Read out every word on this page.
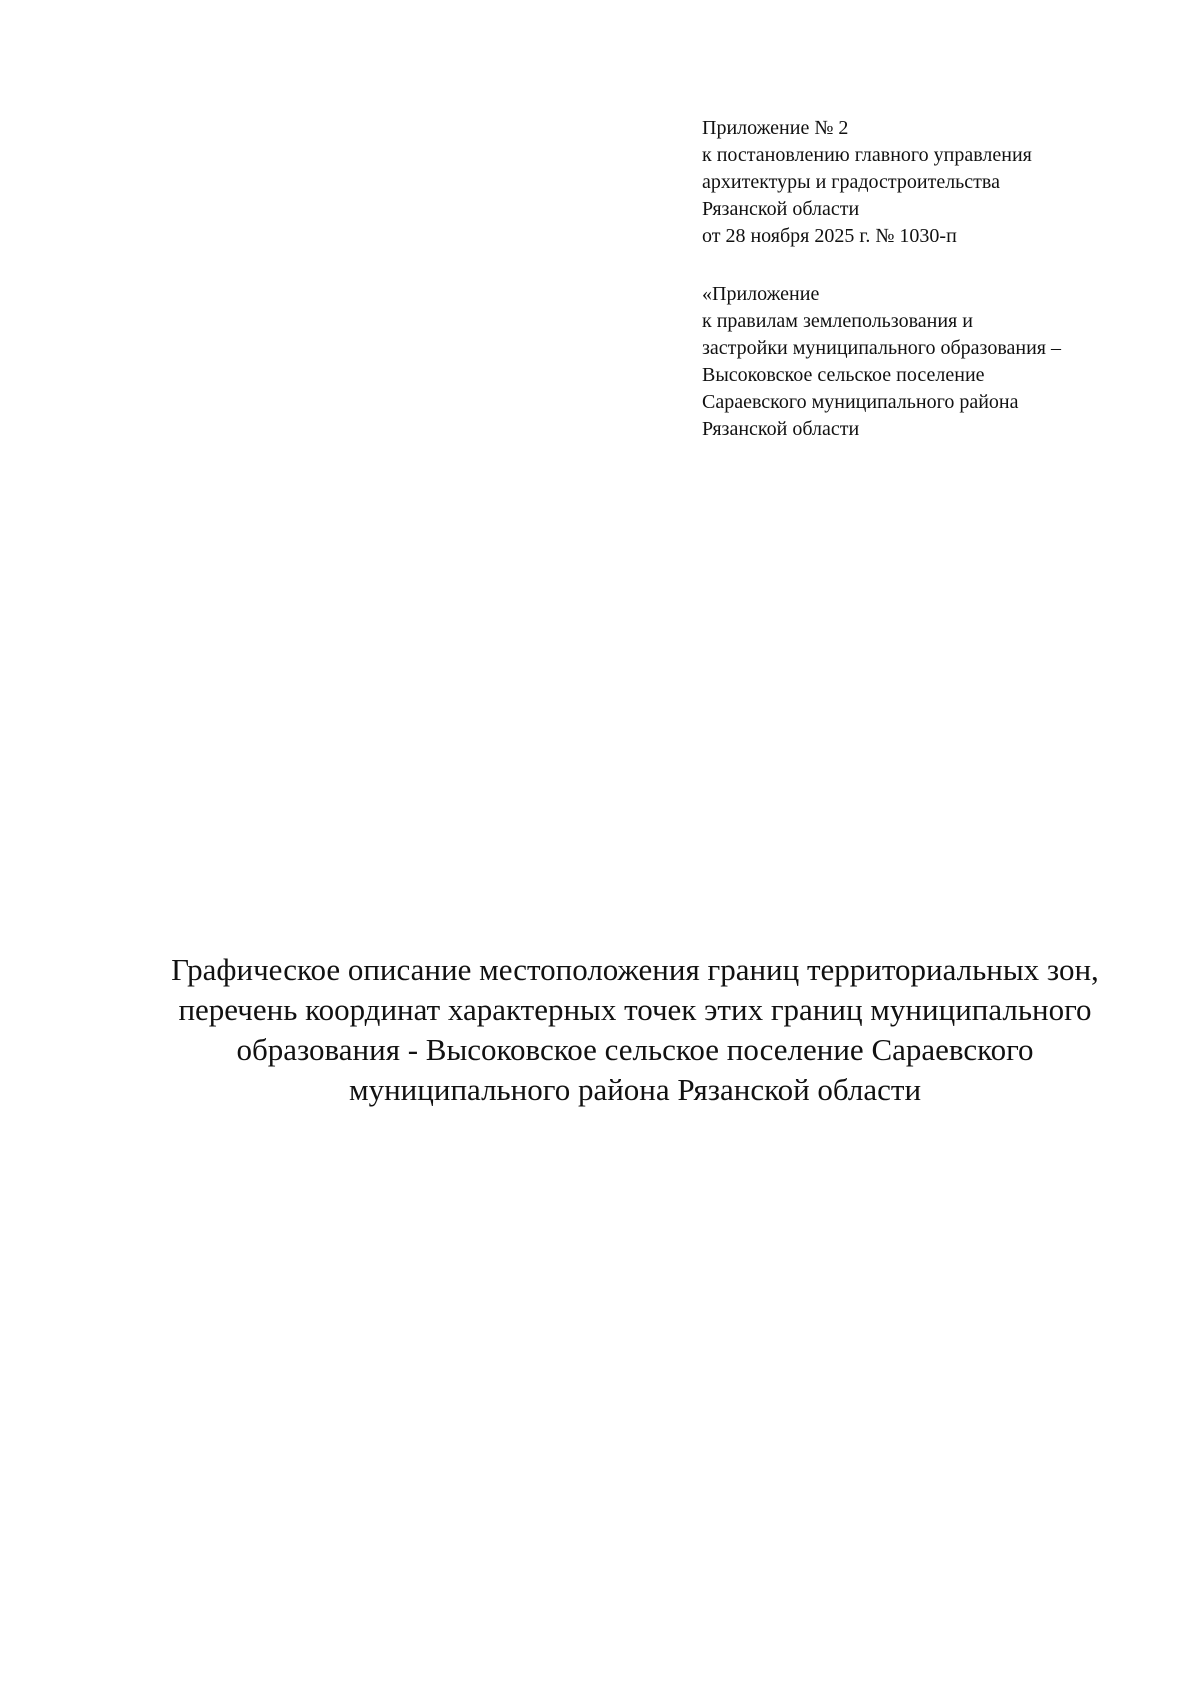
Приложение № 2
к постановлению главного управления
архитектуры и градостроительства
Рязанской области
от 28 ноября 2025 г. № 1030-п
«Приложение
к правилам землепользования и
застройки муниципального образования –
Высоковское сельское поселение
Сараевского муниципального района
Рязанской области
Графическое описание местоположения границ территориальных зон,
перечень координат характерных точек этих границ муниципального
образования - Высоковское сельское поселение Сараевского
муниципального района Рязанской области
